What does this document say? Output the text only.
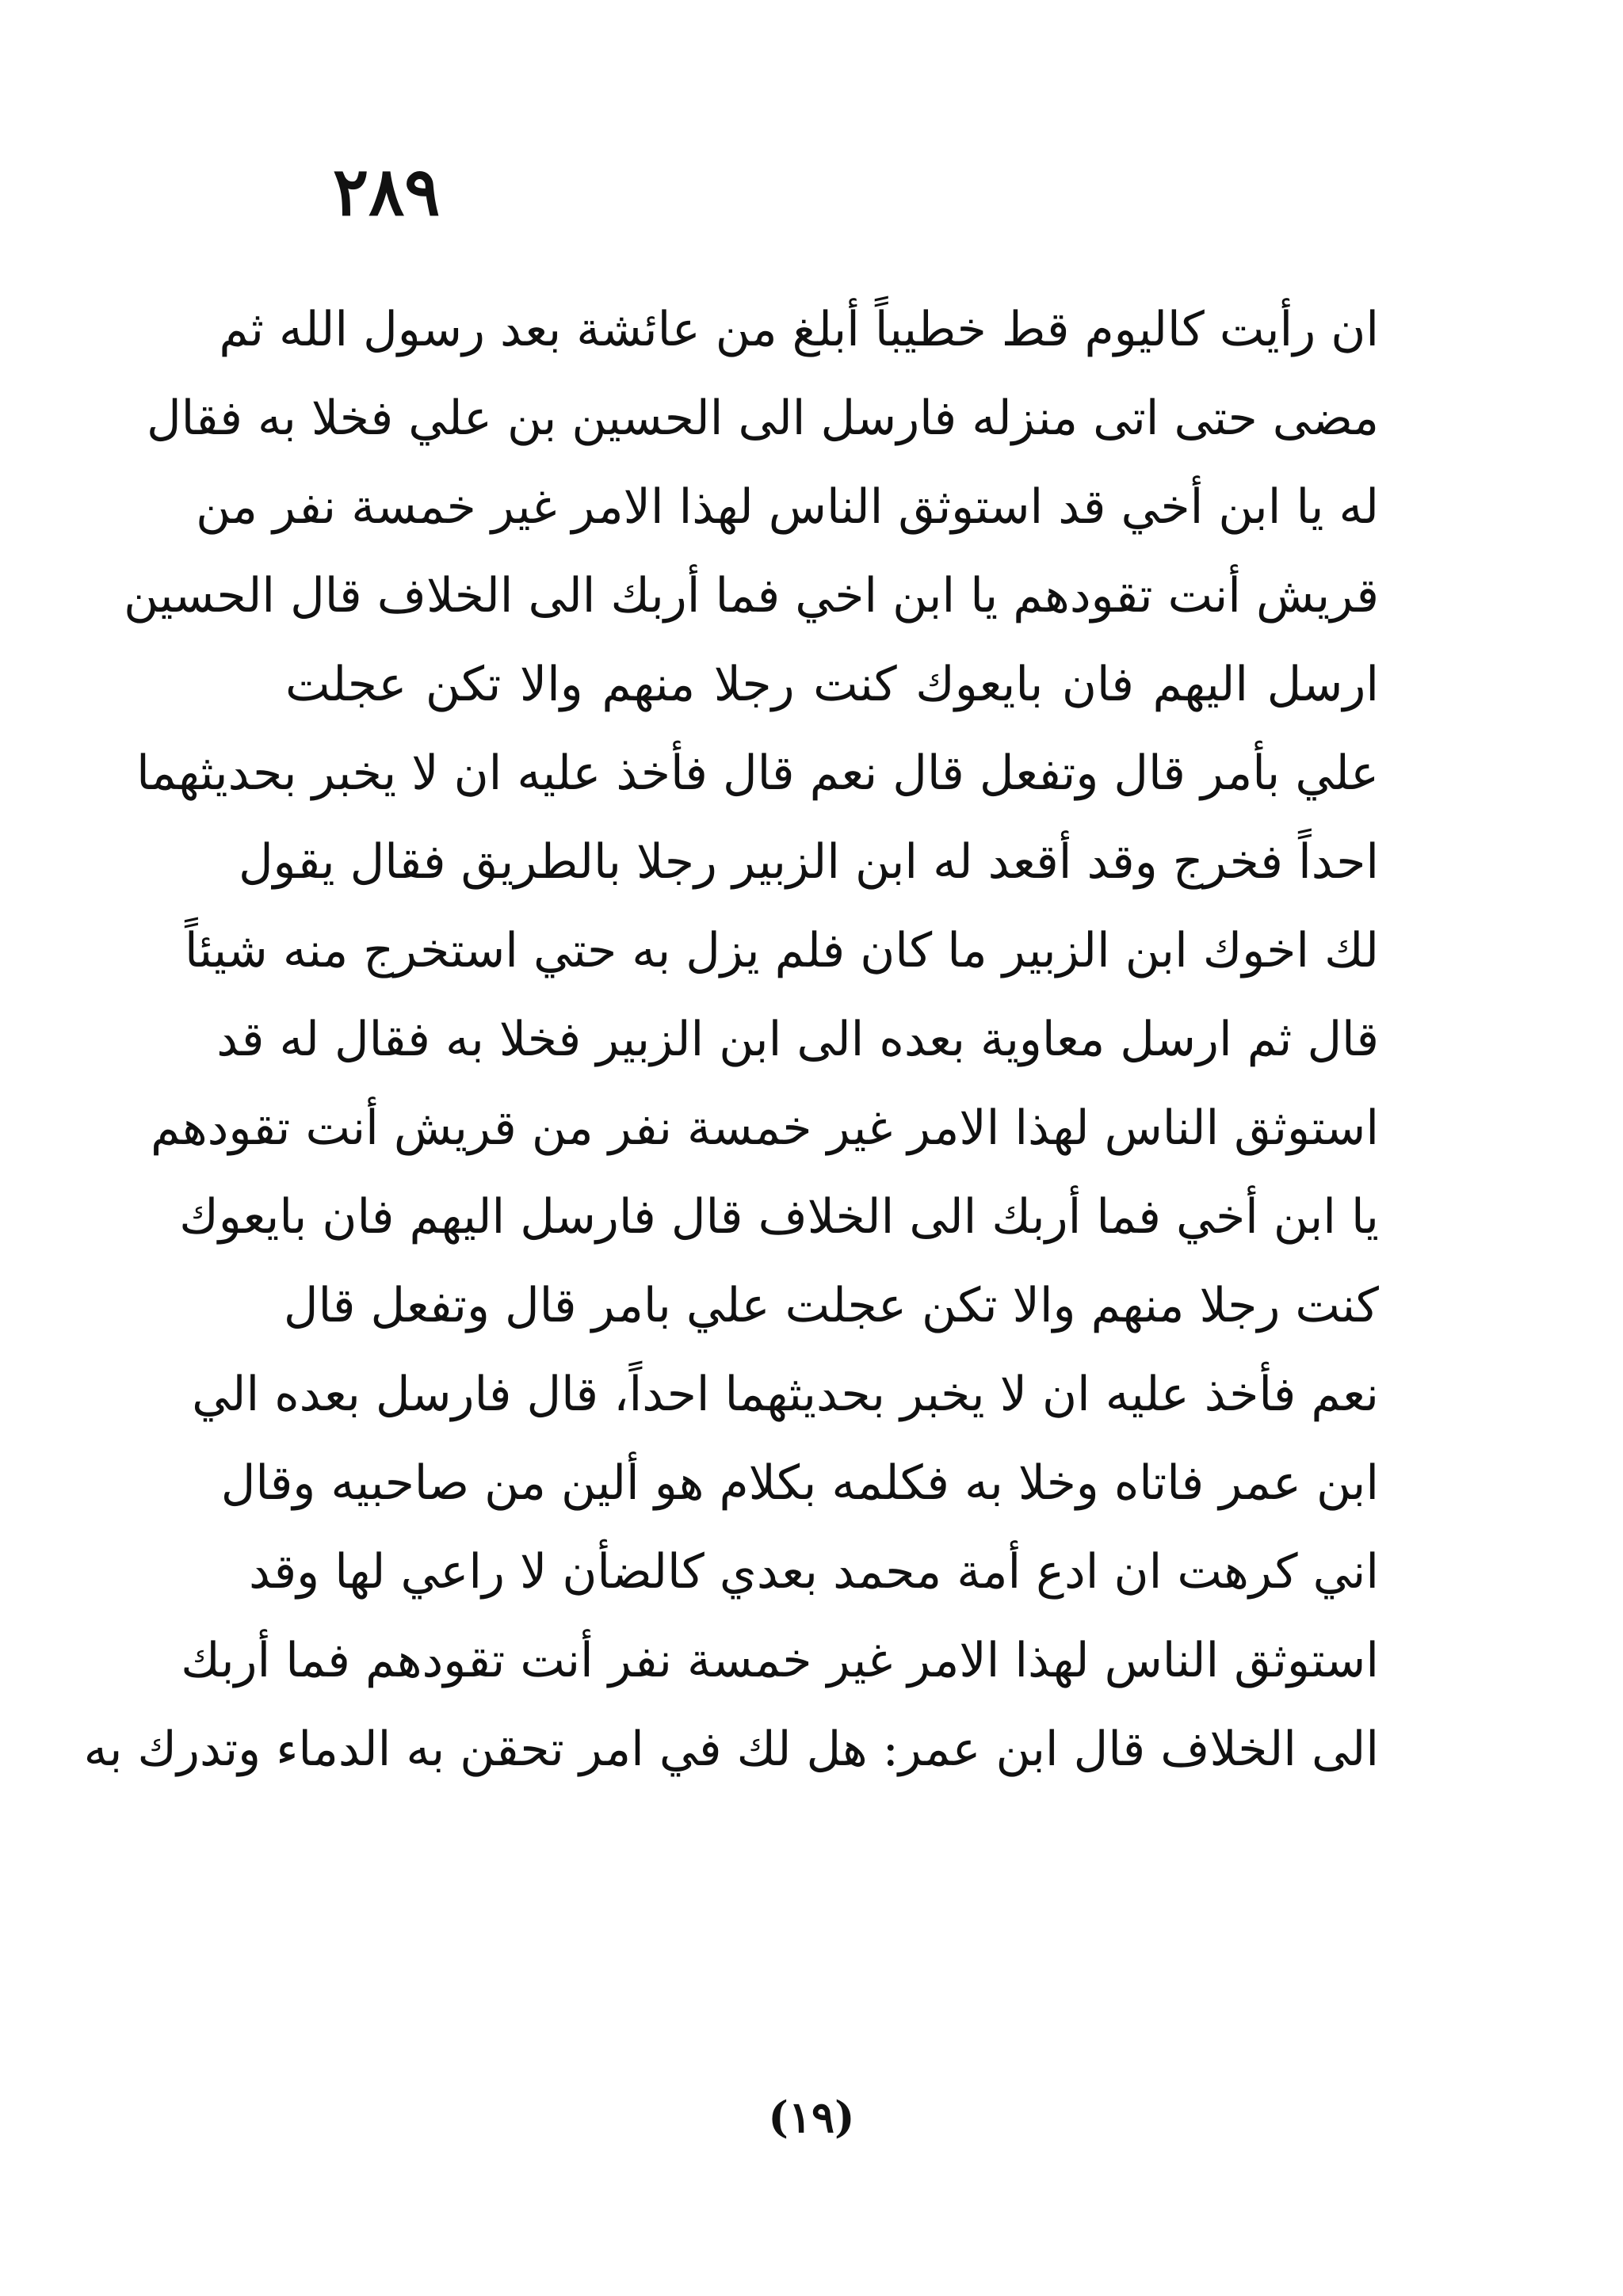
٢٨٩
ان رأيت كاليوم قط خطيباً أبلغ من عائشة بعد رسول الله ثم
مضى حتى اتى منزله فارسل الى الحسين بن علي فخلا به فقال
له يا ابن أخي قد استوثق الناس لهذا الامر غير خمسة نفر من
قريش أنت تقودهم يا ابن اخي فما أربك الى الخلاف قال الحسين
ارسل اليهم فان بايعوك كنت رجلا منهم والا تكن عجلت
علي بأمر قال وتفعل قال نعم قال فأخذ عليه ان لا يخبر بحديثهما
احداً فخرج وقد أقعد له ابن الزبير رجلا بالطريق فقال يقول
لك اخوك ابن الزبير ما كان فلم يزل به حتي استخرج منه شيئاً
قال ثم ارسل معاوية بعده الى ابن الزبير فخلا به فقال له قد
استوثق الناس لهذا الامر غير خمسة نفر من قريش أنت تقودهم
يا ابن أخي فما أربك الى الخلاف قال فارسل اليهم فان بايعوك
كنت رجلا منهم والا تكن عجلت علي بامر قال وتفعل قال
نعم فأخذ عليه ان لا يخبر بحديثهما احداً، قال فارسل بعده الي
ابن عمر فاتاه وخلا به فكلمه بكلام هو ألين من صاحبيه وقال
اني كرهت ان ادع أمة محمد بعدي كالضأن لا راعي لها وقد
استوثق الناس لهذا الامر غير خمسة نفر أنت تقودهم فما أربك
الى الخلاف قال ابن عمر: هل لك في امر تحقن به الدماء وتدرك به
(١٩)
